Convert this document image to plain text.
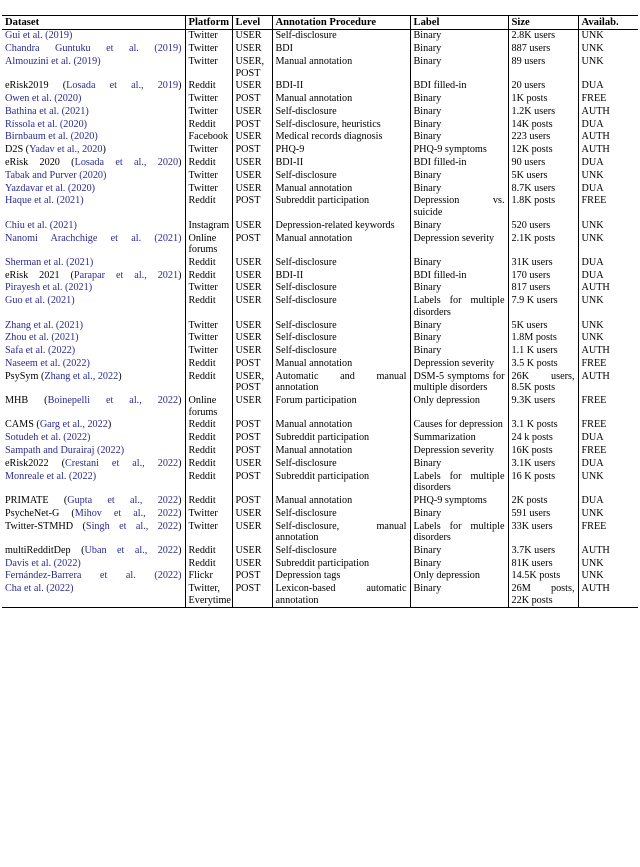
Dataset	Platform	Level	Annotation Procedure	Label	Size	Availab.
Gui et al. (2019)	Twitter	USER	Self-disclosure	Binary	2.8K users	UNK
Chandra Guntuku et al. (2019)	Twitter	USER	BDI	Binary	887 users	UNK
Almouzini et al. (2019)	Twitter	USER, POST	Manual annotation	Binary	89 users	UNK
eRisk2019 (Losada et al., 2019)	Reddit	USER	BDI-II	BDI filled-in	20 users	DUA
Owen et al. (2020)	Twitter	POST	Manual annotation	Binary	1K posts	FREE
Bathina et al. (2021)	Twitter	USER	Self-disclosure	Binary	1.2K users	AUTH
Ríssola et al. (2020)	Reddit	POST	Self-disclosure, heuristics	Binary	14K posts	DUA
Birnbaum et al. (2020)	Facebook	USER	Medical records diagnosis	Binary	223 users	AUTH
D2S (Yadav et al., 2020)	Twitter	POST	PHQ-9	PHQ-9 symptoms	12K posts	AUTH
eRisk 2020 (Losada et al., 2020)	Reddit	USER	BDI-II	BDI filled-in	90 users	DUA
Tabak and Purver (2020)	Twitter	USER	Self-disclosure	Binary	5K users	UNK
Yazdavar et al. (2020)	Twitter	USER	Manual annotation	Binary	8.7K users	DUA
Haque et al. (2021)	Reddit	POST	Subreddit participation	Depression vs. suicide	1.8K posts	FREE
Chiu et al. (2021)	Instagram	USER	Depression-related keywords	Binary	520 users	UNK
Nanomi Arachchige et al. (2021)	Online forums	POST	Manual annotation	Depression severity	2.1K posts	UNK
Sherman et al. (2021)	Reddit	USER	Self-disclosure	Binary	31K users	DUA
eRisk 2021 (Parapar et al., 2021)	Reddit	USER	BDI-II	BDI filled-in	170 users	DUA
Pirayesh et al. (2021)	Twitter	USER	Self-disclosure	Binary	817 users	AUTH
Guo et al. (2021)	Reddit	USER	Self-disclosure	Labels for multiple disorders	7.9 K users	UNK
Zhang et al. (2021)	Twitter	USER	Self-disclosure	Binary	5K users	UNK
Zhou et al. (2021)	Twitter	USER	Self-disclosure	Binary	1.8M posts	UNK
Safa et al. (2022)	Twitter	USER	Self-disclosure	Binary	1.1 K users	AUTH
Naseem et al. (2022)	Reddit	POST	Manual annotation	Depression severity	3.5 K posts	FREE
PsySym (Zhang et al., 2022)	Reddit	USER, POST	Automatic and manual annotation	DSM-5 symptoms for multiple disorders	26K users, 8.5K posts	AUTH
MHB (Boinepelli et al., 2022)	Online forums	USER	Forum participation	Only depression	9.3K users	FREE
CAMS (Garg et al., 2022)	Reddit	POST	Manual annotation	Causes for depression	3.1 K posts	FREE
Sotudeh et al. (2022)	Reddit	POST	Subreddit participation	Summarization	24 k posts	DUA
Sampath and Durairaj (2022)	Reddit	POST	Manual annotation	Depression severity	16K posts	FREE
eRisk2022 (Crestani et al., 2022)	Reddit	USER	Self-disclosure	Binary	3.1K users	DUA
Monreale et al. (2022)	Reddit	POST	Subreddit participation	Labels for multiple disorders	16 K posts	UNK
PRIMATE (Gupta et al., 2022)	Reddit	POST	Manual annotation	PHQ-9 symptoms	2K posts	DUA
PsycheNet-G (Mihov et al., 2022)	Twitter	USER	Self-disclosure	Binary	591 users	UNK
Twitter-STMHD (Singh et al., 2022)	Twitter	USER	Self-disclosure, manual annotation	Labels for multiple disorders	33K users	FREE
multiRedditDep (Uban et al., 2022)	Reddit	USER	Self-disclosure	Binary	3.7K users	AUTH
Davis et al. (2022)	Reddit	USER	Subreddit participation	Binary	81K users	UNK
Fernández-Barrera et al. (2022)	Flickr	POST	Depression tags	Only depression	14.5K posts	UNK
Cha et al. (2022)	Twitter, Everytime	POST	Lexicon-based automatic annotation	Binary	26M posts, 22K posts	AUTH
